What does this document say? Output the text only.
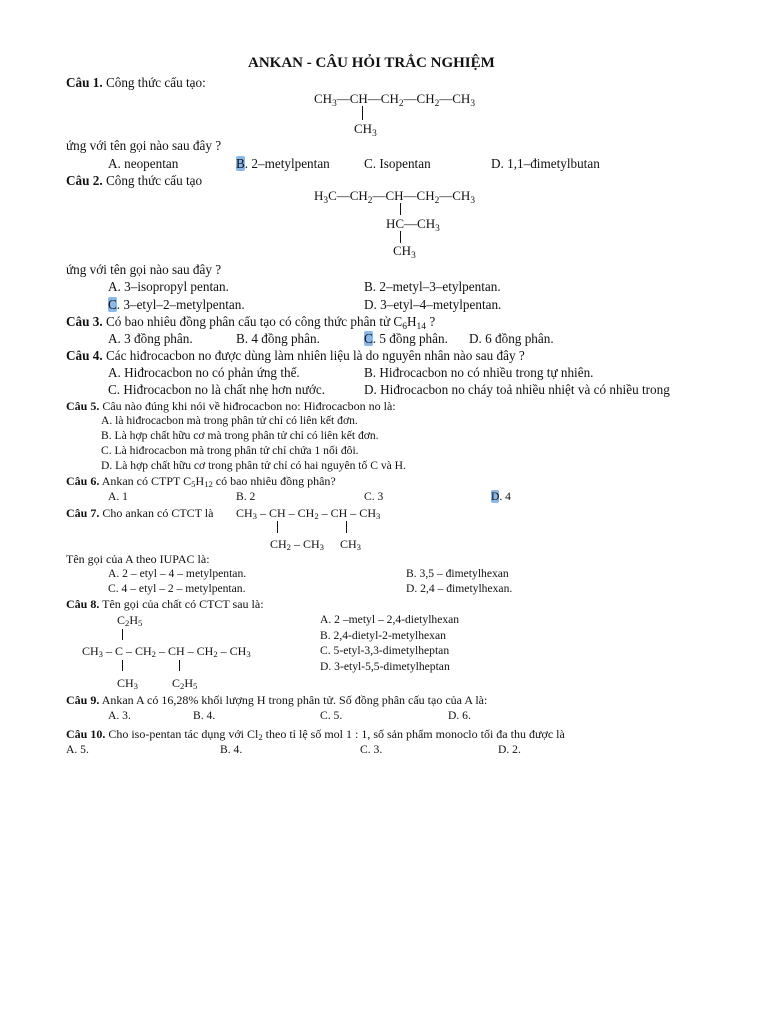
ANKAN - CÂU HỎI TRẮC NGHIỆM
Câu 1. Công thức cấu tạo:
$CH_3—CH—CH_2—CH_2—CH_3$
$CH_3$
ứng với tên gọi nào sau đây ?
A. neopentan	B. 2–metylpentan	C. Isopentan	D. 1,1–đimetylbutan
Câu 2. Công thức cấu tạo
$H_3C—CH_2—CH—CH_2—CH_3$
$HC—CH_3$
$CH_3$
ứng với tên gọi nào sau đây ?
A. 3–isopropyl pentan.	B. 2–metyl–3–etylpentan.
C. 3–etyl–2–metylpentan.	D. 3–etyl–4–metylpentan.
Câu 3. Có bao nhiêu đồng phân cấu tạo có công thức phân tử $C_6H_{14}$ ?
A. 3 đồng phân.	B. 4 đồng phân.	C. 5 đồng phân. D. 6 đồng phân.
Câu 4. Các hiđrocacbon no được dùng làm nhiên liệu là do nguyên nhân nào sau đây ?
A. Hiđrocacbon no có phản ứng thế.	B. Hiđrocacbon no có nhiều trong tự nhiên.
C. Hiđrocacbon no là chất nhẹ hơn nước.	D. Hiđrocacbon no cháy toả nhiều nhiệt và có nhiều trong
Câu 5. Câu nào đúng khi nói về hiđrocacbon no: Hiđrocacbon no là:
A. là hiđrocacbon mà trong phân tử chỉ có liên kết đơn.
B. Là hợp chất hữu cơ mà trong phân tử chỉ có liên kết đơn.
C. Là hiđrocacbon mà trong phân tử chỉ chứa 1 nối đôi.
D. Là hợp chất hữu cơ trong phân tử chỉ có hai nguyên tố C và H.
Câu 6. Ankan có CTPT $C_5H_{12}$ có bao nhiêu đồng phân?
A. 1	B. 2	C. 3	D. 4
Câu 7. Cho ankan có CTCT là $CH_3$ – CH – $CH_2$ – CH – $CH_3$
$CH_2 - CH_3$ $CH_3$
Tên gọi của A theo IUPAC là:
A. 2 – etyl – 4 – metylpentan.	B. 3,5 – đimetylhexan
C. 4 – etyl – 2 – metylpentan.	D. 2,4 – đimetylhexan.
Câu 8. Tên gọi của chất có CTCT sau là:
$C_2H_5$
$CH_3$ – C – $CH_2$ – CH – $CH_2 - CH_3$
$CH_3$	$C_2H_5$
A. 2 –metyl – 2,4-dietylhexan
B. 2,4-dietyl-2-metylhexan
C. 5-etyl-3,3-dimetylheptan
D. 3-etyl-5,5-dimetylheptan
Câu 9. Ankan A có 16,28% khối lượng H trong phân tử. Số đồng phân cấu tạo của A là:
A. 3.	B. 4.	C. 5.	D. 6.
Câu 10. Cho iso-pentan tác dụng với $Cl_2$ theo tỉ lệ số mol 1 : 1, số sản phẩm monoclo tối đa thu được là
A. 5.	B. 4.	C. 3.	D. 2.
